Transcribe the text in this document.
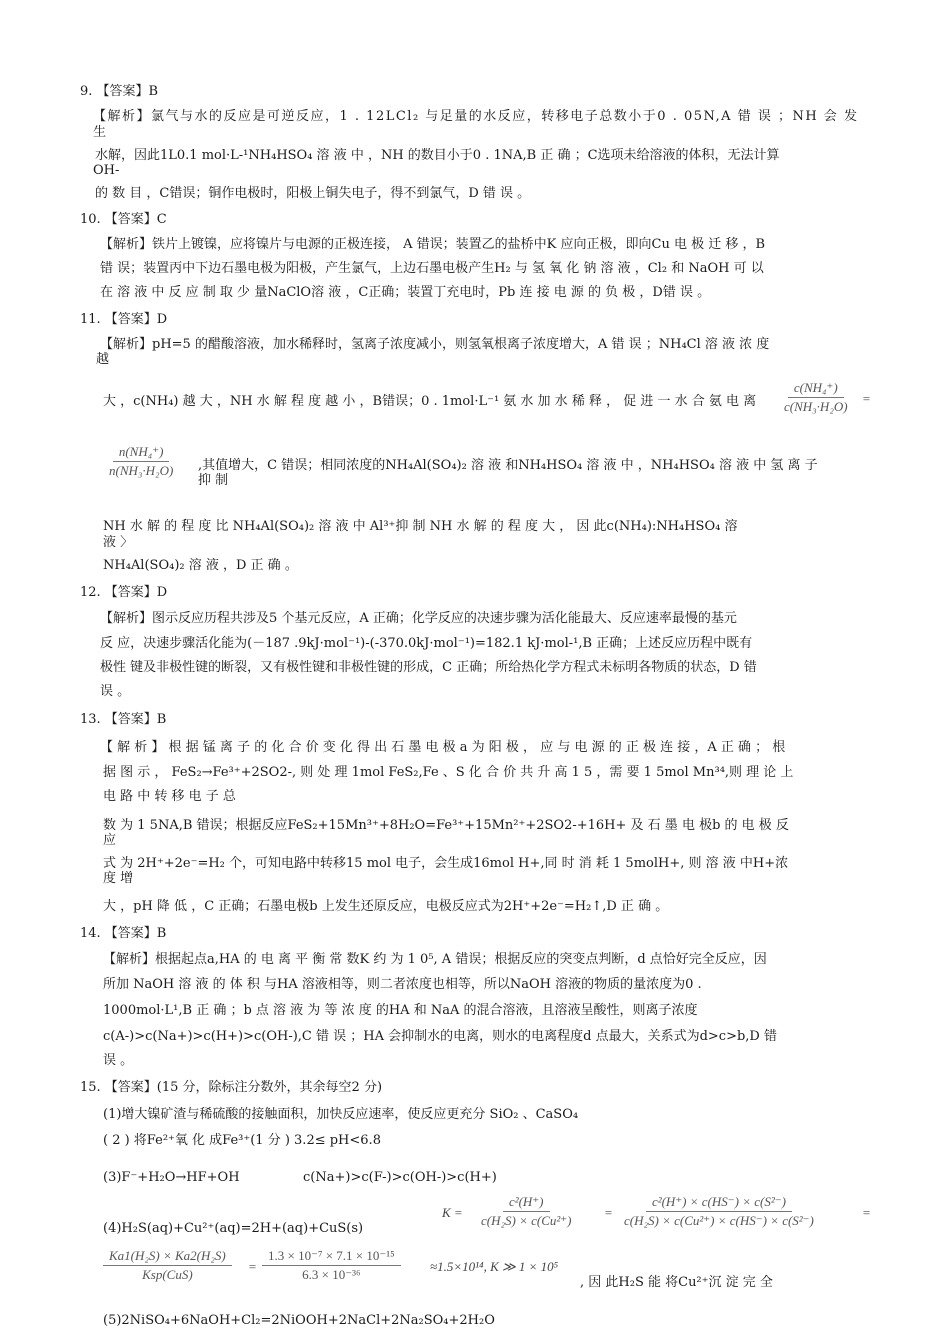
9. 【答案】B
【解析】氯气与水的反应是可逆反应，1 . 12LCl₂ 与足量的水反应，转移电子总数小于0 . 05N,A 错 误 ；NH 会 发
生
水解，因此1L0.1 mol·L-¹NH₄HSO₄ 溶 液 中 ，NH 的数目小于0 . 1NA,B 正 确 ；C选项未给溶液的体积，无法计算
OH-
的 数 目 ，C错误；铜作电极时，阳极上铜失电子，得不到氯气，D 错 误 。
10. 【答案】C
【解析】铁片上镀镍，应将镍片与电源的正极连接， A 错误；装置乙的盐桥中K 应向正极，即向Cu 电 极 迁 移 ，B
错 误；装置丙中下边石墨电极为阳极，产生氯气，上边石墨电极产生H₂ 与 氢 氧 化 钠 溶 液 ，Cl₂ 和 NaOH 可 以
在 溶 液 中 反 应 制 取 少 量NaClO溶 液 ，C正确；装置丁充电时，Pb 连 接 电 源 的 负 极 ，D错 误 。
11. 【答案】D
【解析】pH=5 的醋酸溶液，加水稀释时，氢离子浓度减小，则氢氧根离子浓度增大，A 错 误 ；NH₄Cl 溶 液 浓 度
越
大 ，c(NH₄) 越 大 ，NH 水 解 程 度 越 小 ，B错误；0 . 1mol·L⁻¹ 氨 水 加 水 稀 释 ， 促 进 一 水 合 氨 电 离 $\frac{\text{c(NH₄⁺)}}{\text{c(NH₃·H₂O)}}$ =
$\frac{\text{n(NH₄⁺)}}{\text{n(NH₃·H₂O)}}$ ,其值增大，C 错误；相同浓度的NH₄Al(SO₄)₂ 溶 液 和NH₄HSO₄ 溶 液 中 ，NH₄HSO₄ 溶 液 中 氢 离 子
抑 制
NH 水 解 的 程 度 比 NH₄Al(SO₄)₂ 溶 液 中 Al³⁺抑 制 NH 水 解 的 程 度 大 ， 因 此c(NH₄):NH₄HSO₄ 溶
液 〉
NH₄Al(SO₄)₂ 溶 液 ，D 正 确 。
12. 【答案】D
【解析】图示反应历程共涉及5 个基元反应，A 正确；化学反应的决速步骤为活化能最大、反应速率最慢的基元
反 应，决速步骤活化能为(－187 .9kJ·mol⁻¹)-(-370.0kJ·mol⁻¹)=182.1 kJ·mol-¹,B 正确；上述反应历程中既有
极性 键及非极性键的断裂，又有极性键和非极性键的形成，C 正确；所给热化学方程式未标明各物质的状态，D 错
误 。
13. 【答案】B
【 解 析 】 根 据 锰 离 子 的 化 合 价 变 化 得 出 石 墨 电 极 a 为 阳 极 ， 应 与 电 源 的 正 极 连 接 ，A 正 确 ； 根
据 图 示 ， FeS₂→Fe³⁺+2SO2-, 则 处 理 1mol FeS₂,Fe 、S 化 合 价 共 升 高 1 5 ，需 要 1 5mol Mn³⁴,则 理 论 上
电 路 中 转 移 电 子 总
数 为 1 5NA,B 错误；根据反应FeS₂+15Mn³⁺+8H₂O=Fe³⁺+15Mn²⁺+2SO2-+16H+ 及 石 墨 电 极b 的 电 极 反
应
式 为 2H⁺+2e⁻=H₂ 个，可知电路中转移15 mol 电子，会生成16mol H+,同 时 消 耗 1 5molH+, 则 溶 液 中H+浓
度 增
大 ，pH 降 低 ，C 正确；石墨电极b 上发生还原反应，电极反应式为2H⁺+2e⁻=H₂↑,D 正 确 。
14. 【答案】B
【解析】根据起点a,HA 的 电 离 平 衡 常 数K 约 为 1 0⁵, A 错误；根据反应的突变点判断，d 点恰好完全反应，因
所加 NaOH 溶 液 的 体 积 与HA 溶液相等，则二者浓度也相等，所以NaOH 溶液的物质的量浓度为0 .
1000mol·L¹,B 正 确 ；b 点 溶 液 为 等 浓 度 的HA 和 NaA 的混合溶液，且溶液呈酸性，则离子浓度
c(A-)>c(Na+)>c(H+)>c(OH-),C 错 误 ；HA 会抑制水的电离，则水的电离程度d 点最大，关系式为d>c>b,D 错
误 。
15. 【答案】(15 分，除标注分数外，其余每空2 分)
(1)增大镍矿渣与稀硫酸的接触面积，加快反应速率，使反应更充分 SiO₂ 、CaSO₄
( 2 ) 将Fe²⁺氧 化 成Fe³⁺(1 分 ) 3.2≤ pH<6.8
(3)F⁻+H₂O→HF+OH	c(Na+)>c(F-)>c(OH-)>c(H+)
(4)H₂S(aq)+Cu²⁺(aq)=2H+(aq)+CuS(s)
$K = \frac{\text{c²(H⁺)}}{\text{c(H₂S) × c(Cu²⁺)}} = \frac{\text{c²(H⁺) × c(HS⁻) × c(S²⁻)}}{\text{c(H₂S) × c(Cu²⁺) × c(HS⁻) × c(S²⁻)}}$	=
Ka1(H₂S) × Ka2(H₂S)
Ksp(CuS)
= $\frac{\text{1.3 × 10⁻⁷ × 7.1 × 10⁻¹⁵}}{\text{6.3 × 10⁻³⁶}} \approx 1.5\times 10^{14}$, K ≫ 1 × 10⁵
, 因 此H₂S 能 将Cu²⁺沉 淀 完 全
(5)2NiSO₄+6NaOH+Cl₂=2NiOOH+2NaCl+2Na₂SO₄+2H₂O
